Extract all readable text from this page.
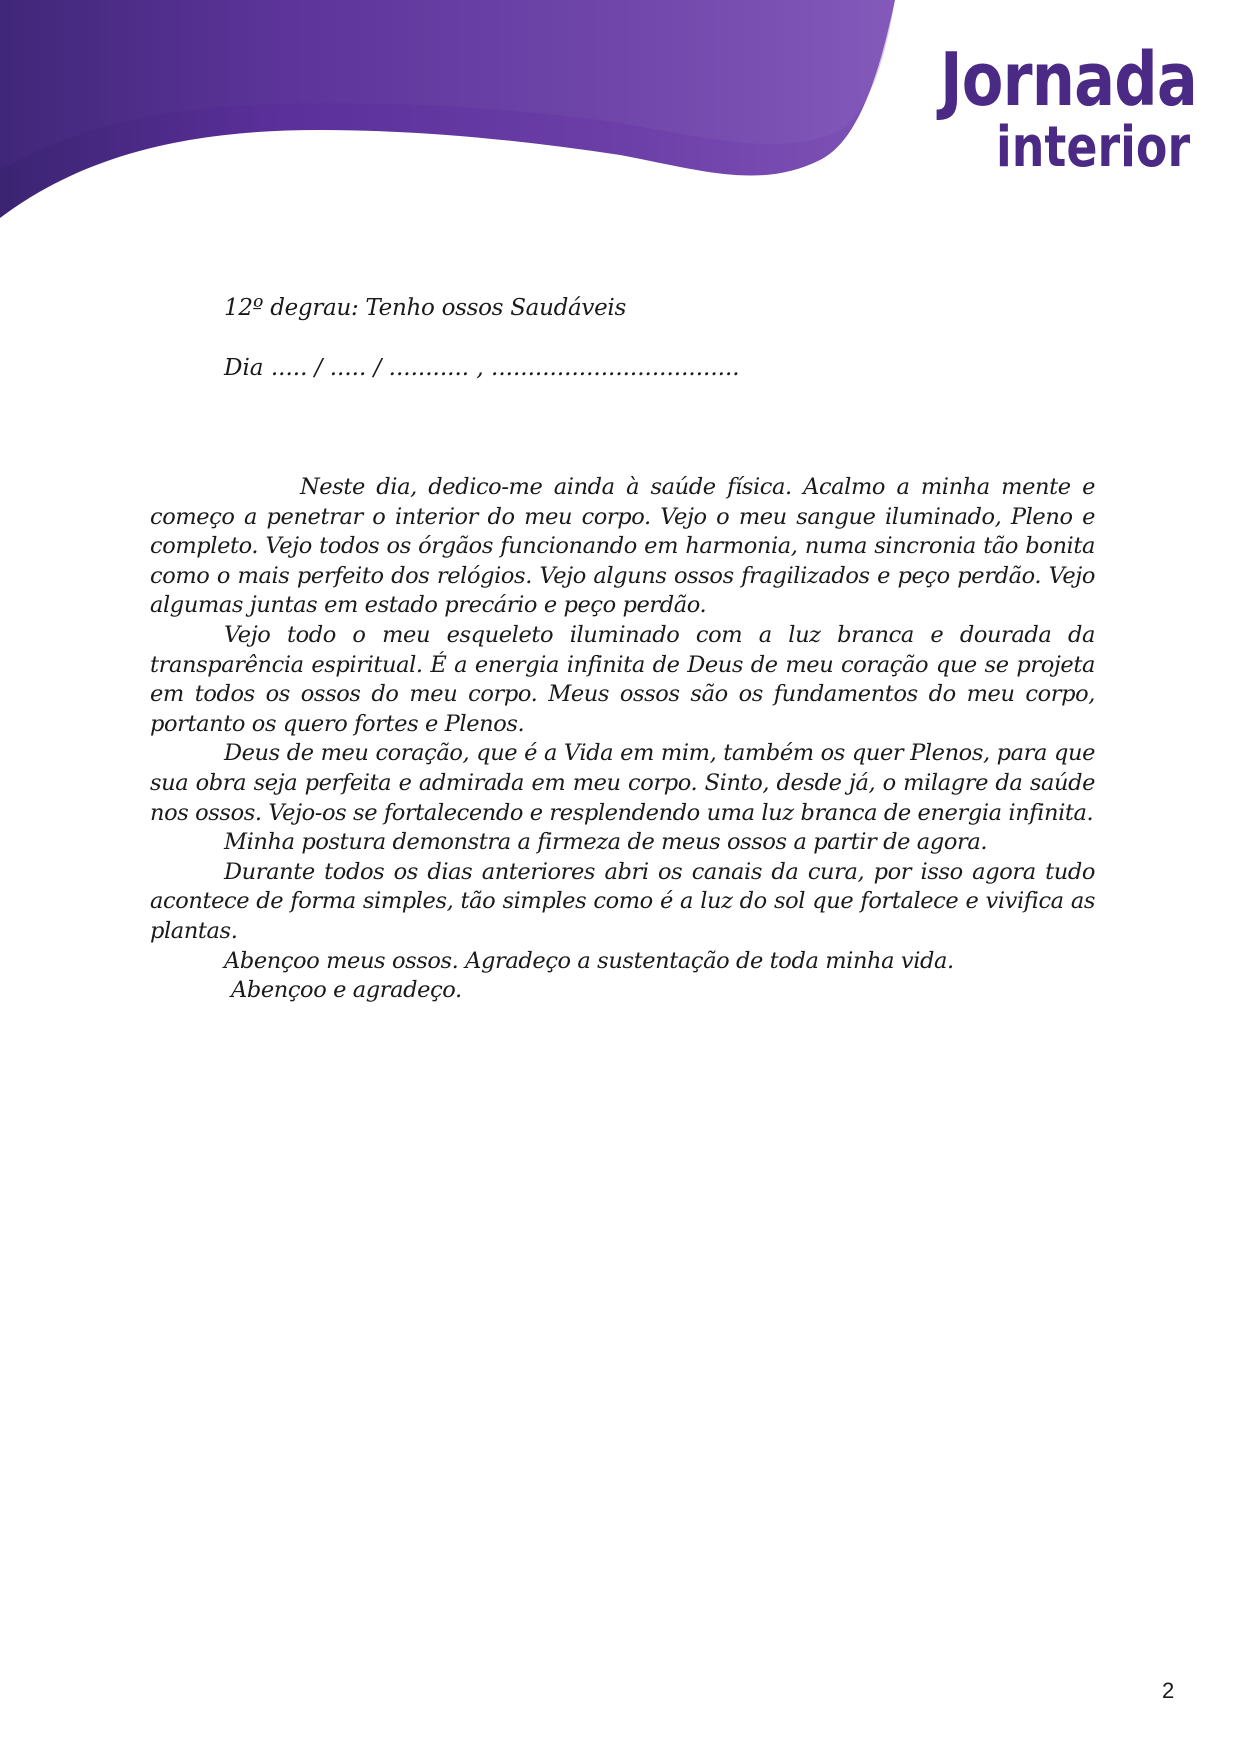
Jornada
interior
12º degrau: Tenho ossos Saudáveis
Dia ..... / ..... / ........... , ..................................

Neste dia, dedico-me ainda à saúde física. Acalmo a minha mente e começo a penetrar o interior do meu corpo. Vejo o meu sangue iluminado, Pleno e completo. Vejo todos os órgãos funcionando em harmonia, numa sincronia tão bonita como o mais perfeito dos relógios. Vejo alguns ossos fragilizados e peço perdão. Vejo algumas juntas em estado precário e peço perdão.

Vejo todo o meu esqueleto iluminado com a luz branca e dourada da transparência espiritual. É a energia infinita de Deus de meu coração que se projeta em todos os ossos do meu corpo. Meus ossos são os fundamentos do meu corpo, portanto os quero fortes e Plenos.

Deus de meu coração, que é a Vida em mim, também os quer Plenos, para que sua obra seja perfeita e admirada em meu corpo. Sinto, desde já, o milagre da saúde nos ossos. Vejo-os se fortalecendo e resplendendo uma luz branca de energia infinita.

Minha postura demonstra a firmeza de meus ossos a partir de agora.

Durante todos os dias anteriores abri os canais da cura, por isso agora tudo acontece de forma simples, tão simples como é a luz do sol que fortalece e vivifica as plantas.

Abençoo meus ossos. Agradeço a sustentação de toda minha vida.

Abençoo e agradeço.

2
